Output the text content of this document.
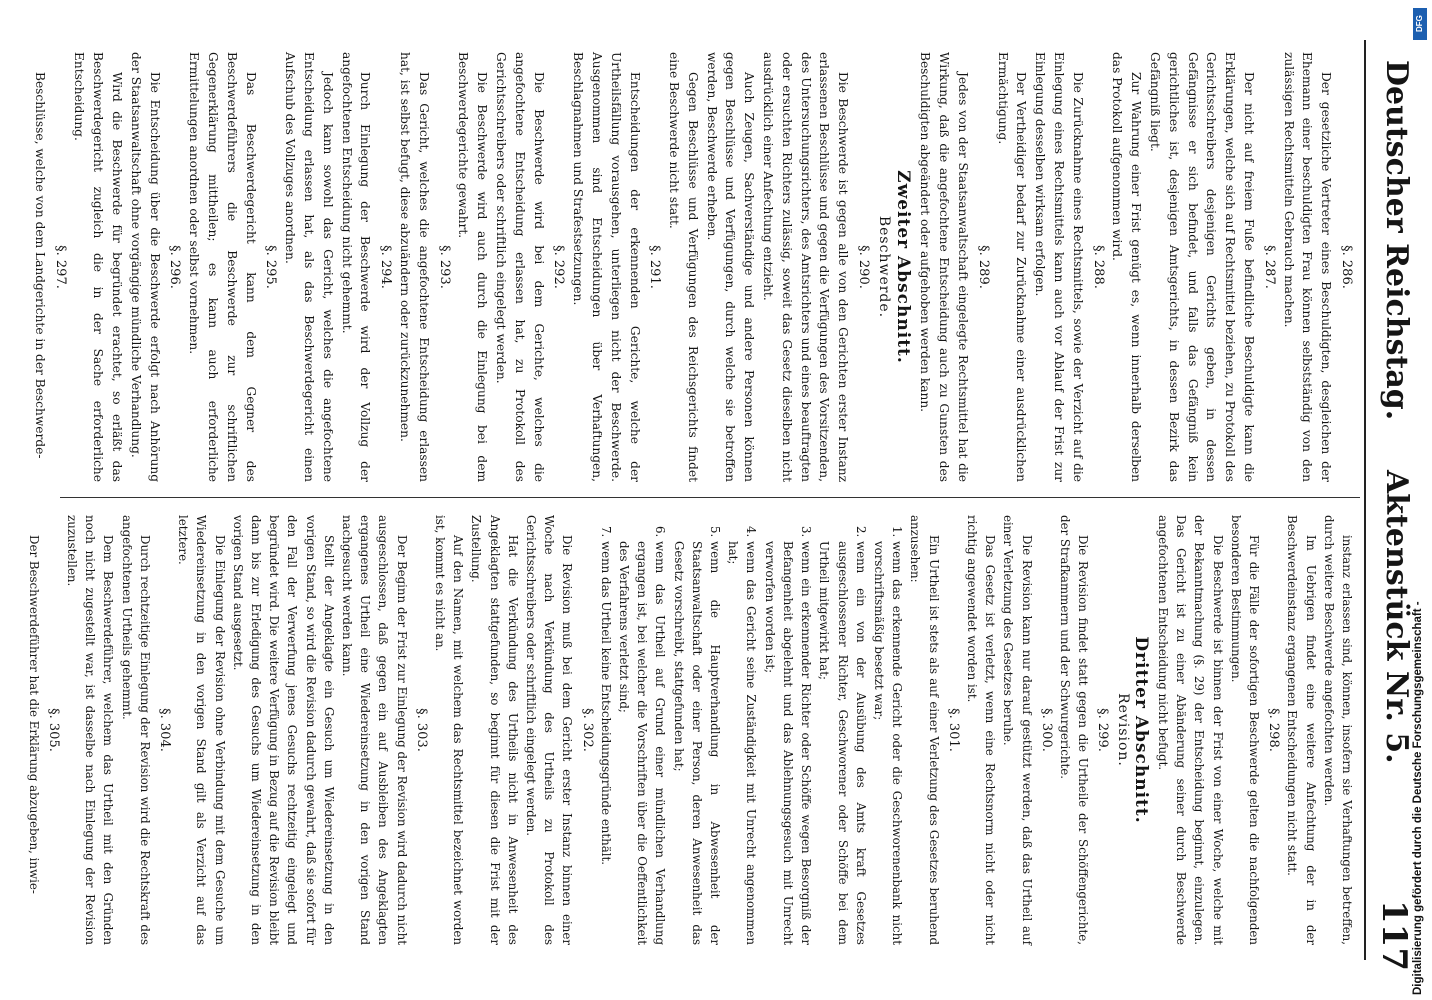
Deutscher Reichstag.
Aktenstück Nr. 5.
117

§. 286.

Der gesetzliche Vertreter eines Beschuldigten, desgleichen der Ehemann einer beschuldigten Frau können selbstständig von den zulässigen Rechtsmitteln Gebrauch machen.

§. 287.

Der nicht auf freiem Fuße befindliche Beschuldigte kann die Erklärungen, welche sich auf Rechtsmittel beziehen, zu Protokoll des Gerichtsschreibers desjenigen Gerichts geben, in dessen Gefängnisse er sich befindet, und falls das Gefängniß kein gerichtliches ist, desjenigen Amtsgerichts, in dessen Bezirk das Gefängniß liegt.

Zur Wahrung einer Frist genügt es, wenn innerhalb derselben das Protokoll aufgenommen wird.

§. 288.

Die Zurücknahme eines Rechtsmittels, sowie der Verzicht auf die Einlegung eines Rechtsmittels kann auch vor Ablauf der Frist zur Einlegung desselben wirksam erfolgen.

Der Vertheidiger bedarf zur Zurücknahme einer ausdrücklichen Ermächtigung.

§. 289.

Jedes von der Staatsanwaltschaft eingelegte Rechtsmittel hat die Wirkung, daß die angefochtene Entscheidung auch zu Gunsten des Beschuldigten abgeändert oder aufgehoben werden kann.

Zweiter Abschnitt.

Beschwerde.

§. 290.

Die Beschwerde ist gegen alle von den Gerichten erster Instanz erlassenen Beschlüsse und gegen die Verfügungen des Vorsitzenden, des Untersuchungsrichters, des Amtsrichters und eines beauftragten oder ersuchten Richters zulässig, soweit das Gesetz dieselben nicht ausdrücklich einer Anfechtung entzieht.

Auch Zeugen, Sachverständige und andere Personen können gegen Beschlüsse und Verfügungen, durch welche sie betroffen werden, Beschwerde erheben.

Gegen Beschlüsse und Verfügungen des Reichsgerichts findet eine Beschwerde nicht statt.

§. 291.

Entscheidungen der erkennenden Gerichte, welche der Urtheilsfällung vorausgehen, unterliegen nicht der Beschwerde. Ausgenommen sind Entscheidungen über Verhaftungen, Beschlagnahmen und Strafestsetzungen.

§. 292.

Die Beschwerde wird bei dem Gerichte, welches die angefochtene Entscheidung erlassen hat, zu Protokoll des Gerichtsschreibers oder schriftlich eingelegt werden.

Die Beschwerde wird auch durch die Einlegung bei dem Beschwerdegerichte gewahrt.

§. 293.

Das Gericht, welches die angefochtene Entscheidung erlassen hat, ist selbst befugt, diese abzuändern oder zurückzunehmen.

§. 294.

Durch Einlegung der Beschwerde wird der Vollzug der angefochtenen Entscheidung nicht gehemmt.

Jedoch kann sowohl das Gericht, welches die angefochtene Entscheidung erlassen hat, als das Beschwerdegericht einen Aufschub des Vollzuges anordnen.

§. 295.

Das Beschwerdegericht kann dem Gegner des Beschwerdeführers die Beschwerde zur schriftlichen Gegenerklärung mittheilen; es kann auch erforderliche Ermittelungen anordnen oder selbst vornehmen.

§. 296.

Die Entscheidung über die Beschwerde erfolgt nach Anhörung der Staatsanwaltschaft ohne vorgängige mündliche Verhandlung.

Wird die Beschwerde für begründet erachtet, so erläßt das Beschwerdegericht zugleich die in der Sache erforderliche Entscheidung.

§. 297.

Beschlüsse, welche von dem Landgerichte in der Beschwerde-

instanz erlassen sind, können, insofern sie Verhaftungen betreffen, durch weitere Beschwerde angefochten werden.

Im Uebrigen findet eine weitere Anfechtung der in der Beschwerdeinstanz ergangenen Entscheidungen nicht statt.

§. 298.

Für die Fälle der sofortigen Beschwerde gelten die nachfolgenden besonderen Bestimmungen.

Die Beschwerde ist binnen der Frist von einer Woche, welche mit der Bekanntmachung (§. 29) der Entscheidung beginnt, einzulegen. Das Gericht ist zu einer Abänderung seiner durch Beschwerde angefochtenen Entscheidung nicht befugt.

Dritter Abschnitt.

Revision.

§. 299.

Die Revision findet statt gegen die Urtheile der Schöffengerichte, der Strafkammern und der Schwurgerichte.

§. 300.

Die Revision kann nur darauf gestützt werden, daß das Urtheil auf einer Verletzung des Gesetzes beruhe.

Das Gesetz ist verletzt, wenn eine Rechtsnorm nicht oder nicht richtig angewendet worden ist.

§. 301.

Ein Urtheil ist stets als auf einer Verletzung des Gesetzes beruhend anzusehen:

1. wenn das erkennende Gericht oder die Geschworenenbank nicht vorschriftsmäßig besetzt war;
2. wenn ein von der Ausübung des Amts kraft Gesetzes ausgeschlossener Richter, Geschworener oder Schöffe bei dem Urtheil mitgewirkt hat;
3. wenn ein erkennender Richter oder Schöffe wegen Besorgniß der Befangenheit abgelehnt und das Ablehnungsgesuch mit Unrecht verworfen worden ist;
4. wenn das Gericht seine Zuständigkeit mit Unrecht angenommen hat;
5. wenn die Hauptverhandlung in Abwesenheit der Staatsanwaltschaft oder einer Person, deren Anwesenheit das Gesetz vorschreibt, stattgefunden hat;
6. wenn das Urtheil auf Grund einer mündlichen Verhandlung ergangen ist, bei welcher die Vorschriften über die Oeffentlichkeit des Verfahrens verletzt sind;
7. wenn das Urtheil keine Entscheidungsgründe enthält.

§. 302.

Die Revision muß bei dem Gericht erster Instanz binnen einer Woche nach Verkündung des Urtheils zu Protokoll des Gerichtsschreibers oder schriftlich eingelegt werden.

Hat die Verkündung des Urtheils nicht in Anwesenheit des Angeklagten stattgefunden, so beginnt für diesen die Frist mit der Zustellung.

Auf den Namen, mit welchem das Rechtsmittel bezeichnet worden ist, kommt es nicht an.

§. 303.

Der Beginn der Frist zur Einlegung der Revision wird dadurch nicht ausgeschlossen, daß gegen ein auf Ausbleiben des Angeklagten ergangenes Urtheil eine Wiedereinsetzung in den vorigen Stand nachgesucht werden kann.

Stellt der Angeklagte ein Gesuch um Wiedereinsetzung in den vorigen Stand, so wird die Revision dadurch gewahrt, daß sie sofort für den Fall der Verwerfung jenes Gesuchs rechtzeitig eingelegt und begründet wird. Die weitere Verfügung in Bezug auf die Revision bleibt dann bis zur Erledigung des Gesuchs um Wiedereinsetzung in den vorigen Stand ausgesetzt.

Die Einlegung der Revision ohne Verbindung mit dem Gesuche um Wiedereinsetzung in den vorigen Stand gilt als Verzicht auf das letztere.

§. 304.

Durch rechtzeitige Einlegung der Revision wird die Rechtskraft des angefochtenen Urtheils gehemmt.

Dem Beschwerdeführer, welchem das Urtheil mit den Gründen noch nicht zugestellt war, ist dasselbe nach Einlegung der Revision zuzustellen.

§. 305.

Der Beschwerdeführer hat die Erklärung abzugeben, inwie-	Digitalisierung gefördert durch die Deutsche Forschungsgemeinschaft -
DFG
